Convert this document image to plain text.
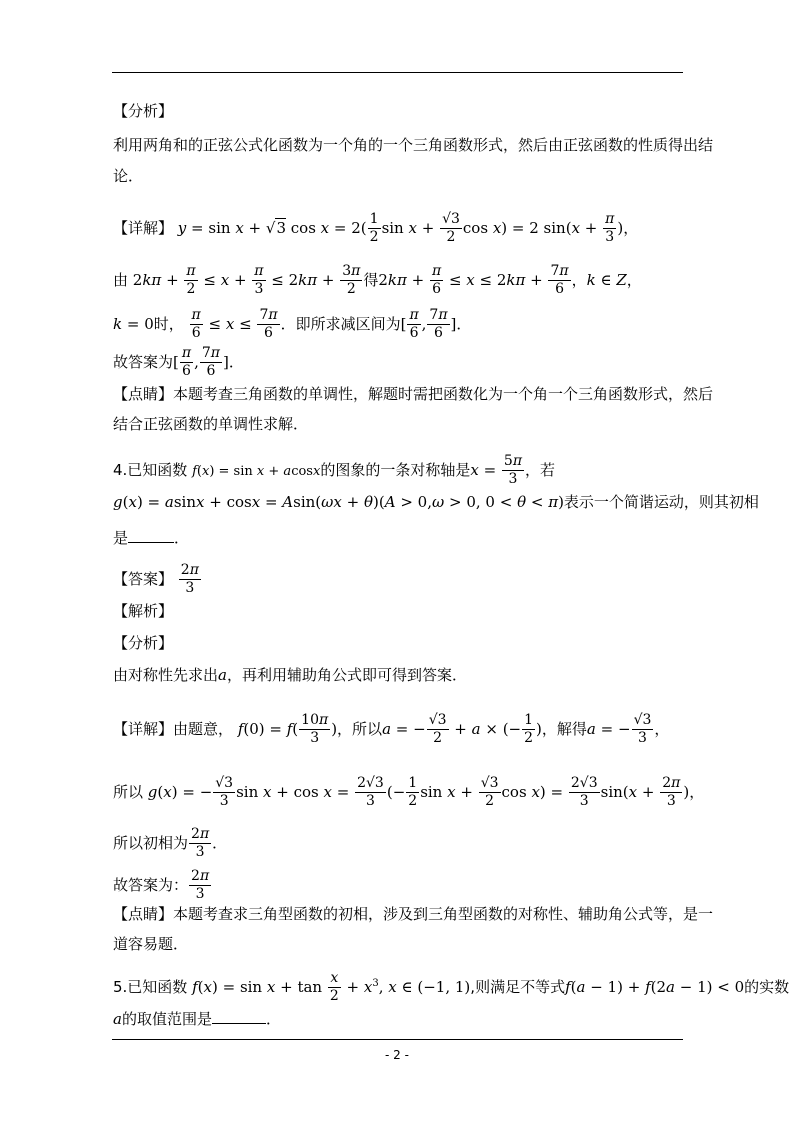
【分析】
利用两角和的正弦公式化函数为一个角的一个三角函数形式，然后由正弦函数的性质得出结
论．
【详解】 y = sin x + √3 $\cos x = 2( \frac{1}{2}$ $\sin x + \frac{√3}{2}$ cos x) = 2 $\sin(x + \frac{\pi}{3}$ )，
由 $2k\pi + \frac{\pi}{2} \le x + \frac{\pi}{3} \le 2k\pi + \frac{3\pi}{2}$ 得$2k\pi + \frac{\pi}{6} \le x \le 2k\pi + \frac{7\pi}{6}$ ，k ∈ Z，
k = 0时， $\frac{\pi}{6} \le x \le \frac{7\pi}{6}$ ．即所求减区间为[ $\frac{\pi}{6}$ , $\frac{7\pi}{6}$ ]．
故答案为[ $\frac{\pi}{6}$ , $\frac{7\pi}{6}$ ]．
【点睛】本题考查三角函数的单调性，解题时需把函数化为一个角一个三角函数形式，然后
结合正弦函数的单调性求解．
4.已知函数 f(x) = sin x + acosx的图象的一条对称轴是$x = \frac{5\pi}{3}$ ，若
g(x) = asinx + cosx = Asin(ωx + θ)(A > 0,ω > 0, 0 < θ < π)表示一个简谐运动，则其初相
是	．
【答案】 $\frac{2\pi}{3}$
【解析】
【分析】
由对称性先求出a，再利用辅助角公式即可得到答案．
【详解】由题意， $f(0) = f( \frac{10\pi}{3}$ )，所以a = − $\frac{√3}{2} + a$ × (− $\frac{1}{2}$ )，解得a = − $\frac{√3}{3}$ ，
所以 g(x) = − $\frac{√3}{3}$ $\sin x + \cos x = \frac{2√3}{3}$ (− $\frac{1}{2}$ $\sin x + \frac{√3}{2}$ $\cos x) = \frac{2√3}{3} \sin(x + \frac{2\pi}{3}$ )，
所以初相为 $\frac{2\pi}{3}$ ．
故答案为： $\frac{2\pi}{3}$
【点睛】本题考查求三角型函数的初相，涉及到三角型函数的对称性、辅助角公式等，是一
道容易题．
5.已知函数 $f(x) = \sin x + \tan \frac{x}{2} + x^3$, x ∈ (−1, 1),则满足不等式f(a − 1) + f(2a − 1) < 0的实数
a的取值范围是	．
- 2 -
